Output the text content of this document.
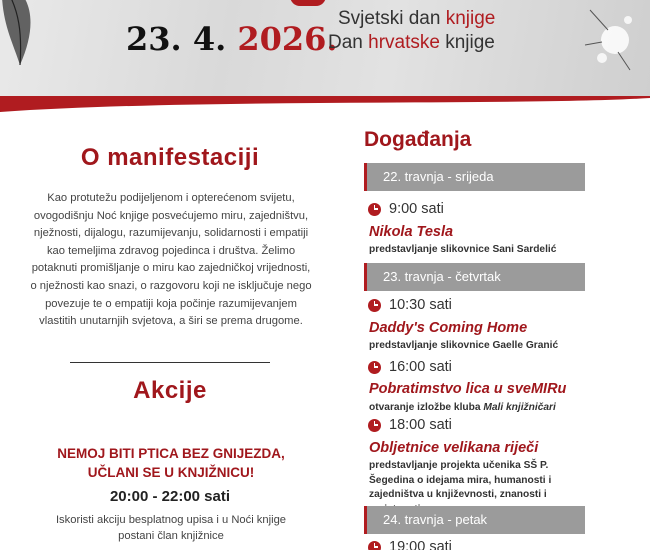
23. 4. 2026.
Svjetski dan knjige
Dan hrvatske knjige
O manifestaciji

Kao protutežu podijeljenom i opterećenom svijetu, ovogodišnju Noć knjige posvećujemo miru, zajedništvu, nježnosti, dijalogu, razumijevanju, solidarnosti i empatiji kao temeljima zdravog pojedinca i društva. Želimo potaknuti promišljanje o miru kao zajedničkoj vrijednosti, o nježnosti kao snazi, o razgovoru koji ne isključuje nego povezuje te o empatiji koja počinje razumijevanjem vlastitih unutarnjih svjetova, a širi se prema drugome.

Akcije

NEMOJ BITI PTICA BEZ GNIJEZDA, UČLANI SE U KNJIŽNICU!

20:00 - 22:00 sati

Iskoristi akciju besplatnog upisa i u Noći knjige postani član knjižnice

Događanja
22. travnja - srijeda
9:00 sati
Nikola Tesla
predstavljanje slikovnice Sani Sardelić
23. travnja - četvrtak
10:30 sati
Daddy's Coming Home
predstavljanje slikovnice Gaelle Granić
16:00 sati
Pobratimstvo lica u sveMIRu
otvaranje izložbe kluba Mali knjižničari
18:00 sati
Obljetnice velikana riječi
predstavljanje projekta učenika SŠ P. Šegedina o idejama mira, humanosti i zajedništva u književnosti, znanosti i
24. travnja - petak
19:00 sati
